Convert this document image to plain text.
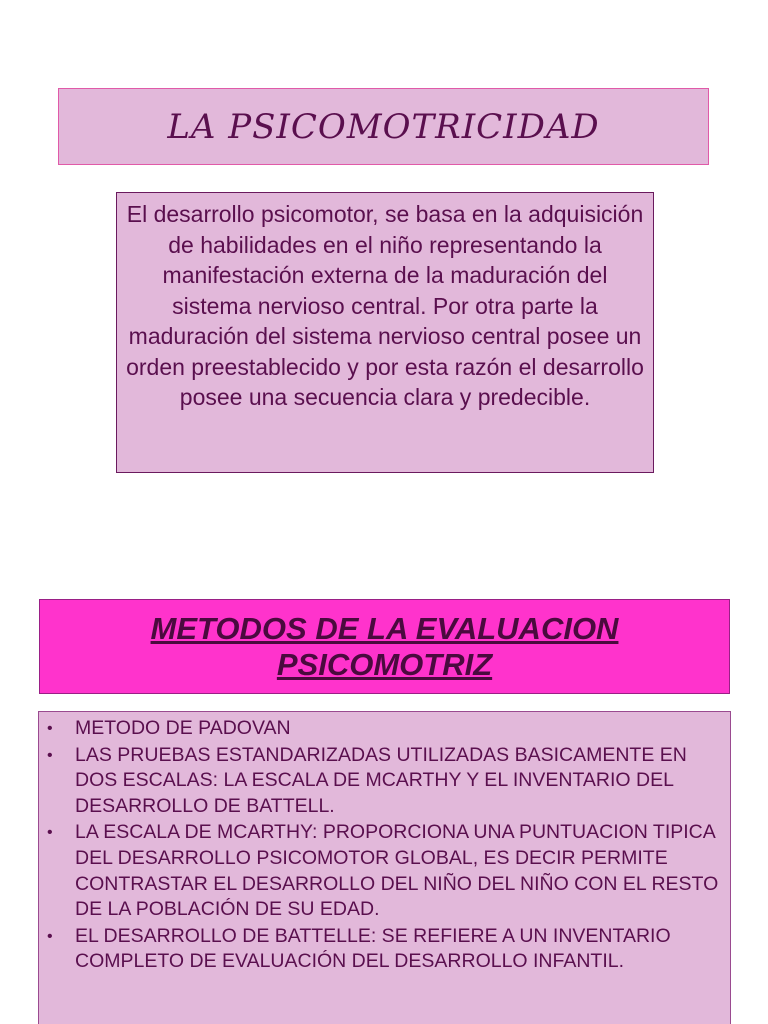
LA PSICOMOTRICIDAD
El desarrollo psicomotor, se basa en la adquisición de habilidades en el niño representando la manifestación externa de la maduración del sistema nervioso central. Por otra parte la maduración del sistema nervioso central posee un orden preestablecido y por esta razón el desarrollo posee una secuencia clara y predecible.
METODOS DE LA EVALUACION PSICOMOTRIZ
• METODO DE PADOVAN
• LAS PRUEBAS ESTANDARIZADAS UTILIZADAS BASICAMENTE EN DOS ESCALAS: LA ESCALA DE MCARTHY Y EL INVENTARIO DEL DESARROLLO DE BATTELL.
• LA ESCALA DE MCARTHY: PROPORCIONA UNA PUNTUACION TIPICA DEL DESARROLLO PSICOMOTOR GLOBAL, ES DECIR PERMITE CONTRASTAR EL DESARROLLO DEL NIÑO DEL NIÑO CON EL RESTO DE LA POBLACIÓN DE SU EDAD.
• EL DESARROLLO DE BATTELLE: SE REFIERE A UN INVENTARIO COMPLETO DE EVALUACIÓN DEL DESARROLLO INFANTIL.
